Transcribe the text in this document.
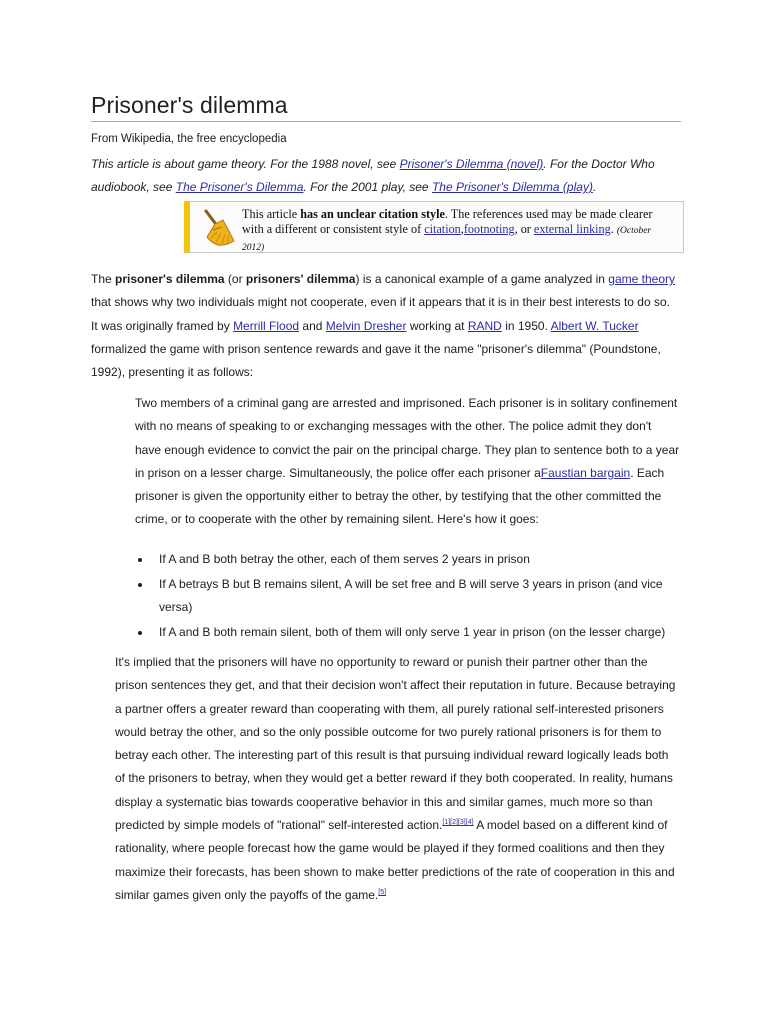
Prisoner's dilemma
From Wikipedia, the free encyclopedia
This article is about game theory. For the 1988 novel, see Prisoner's Dilemma (novel). For the Doctor Who audiobook, see The Prisoner's Dilemma. For the 2001 play, see The Prisoner's Dilemma (play).
This article has an unclear citation style. The references used may be made clearer with a different or consistent style of citation,footnoting, or external linking. (October 2012)
The prisoner's dilemma (or prisoners' dilemma) is a canonical example of a game analyzed in game theory that shows why two individuals might not cooperate, even if it appears that it is in their best interests to do so. It was originally framed by Merrill Flood and Melvin Dresher working at RAND in 1950. Albert W. Tucker formalized the game with prison sentence rewards and gave it the name "prisoner's dilemma" (Poundstone, 1992), presenting it as follows:
Two members of a criminal gang are arrested and imprisoned. Each prisoner is in solitary confinement with no means of speaking to or exchanging messages with the other. The police admit they don't have enough evidence to convict the pair on the principal charge. They plan to sentence both to a year in prison on a lesser charge. Simultaneously, the police offer each prisoner aFaustian bargain. Each prisoner is given the opportunity either to betray the other, by testifying that the other committed the crime, or to cooperate with the other by remaining silent. Here's how it goes:
If A and B both betray the other, each of them serves 2 years in prison
If A betrays B but B remains silent, A will be set free and B will serve 3 years in prison (and vice versa)
If A and B both remain silent, both of them will only serve 1 year in prison (on the lesser charge)
It's implied that the prisoners will have no opportunity to reward or punish their partner other than the prison sentences they get, and that their decision won't affect their reputation in future. Because betraying a partner offers a greater reward than cooperating with them, all purely rational self-interested prisoners would betray the other, and so the only possible outcome for two purely rational prisoners is for them to betray each other. The interesting part of this result is that pursuing individual reward logically leads both of the prisoners to betray, when they would get a better reward if they both cooperated. In reality, humans display a systematic bias towards cooperative behavior in this and similar games, much more so than predicted by simple models of "rational" self-interested action.[1][2][3][4] A model based on a different kind of rationality, where people forecast how the game would be played if they formed coalitions and then they maximize their forecasts, has been shown to make better predictions of the rate of cooperation in this and similar games given only the payoffs of the game.[5]
